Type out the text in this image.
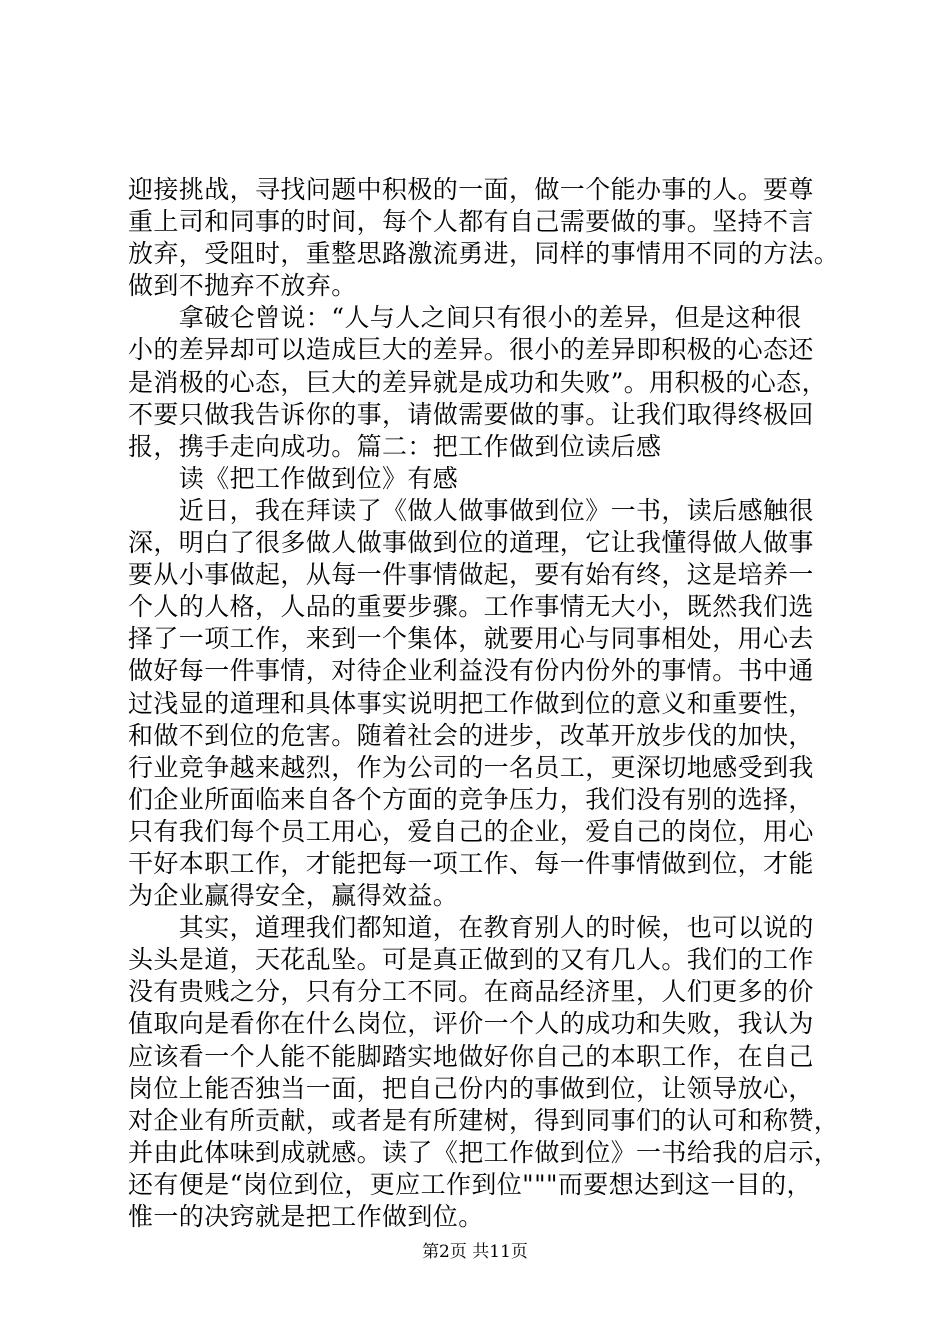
迎接挑战，寻找问题中积极的一面，做一个能办事的人。要尊
重上司和同事的时间，每个人都有自己需要做的事。坚持不言
放弃，受阻时，重整思路激流勇进，同样的事情用不同的方法。
做到不抛弃不放弃。
　　拿破仑曾说：“人与人之间只有很小的差异，但是这种很
小的差异却可以造成巨大的差异。很小的差异即积极的心态还
是消极的心态，巨大的差异就是成功和失败”。用积极的心态，
不要只做我告诉你的事，请做需要做的事。让我们取得终极回
报，携手走向成功。篇二：把工作做到位读后感
　　读《把工作做到位》有感
　　近日，我在拜读了《做人做事做到位》一书，读后感触很
深，明白了很多做人做事做到位的道理，它让我懂得做人做事
要从小事做起，从每一件事情做起，要有始有终，这是培养一
个人的人格，人品的重要步骤。工作事情无大小，既然我们选
择了一项工作，来到一个集体，就要用心与同事相处，用心去
做好每一件事情，对待企业利益没有份内份外的事情。书中通
过浅显的道理和具体事实说明把工作做到位的意义和重要性，
和做不到位的危害。随着社会的进步，改革开放步伐的加快，
行业竞争越来越烈，作为公司的一名员工，更深切地感受到我
们企业所面临来自各个方面的竞争压力，我们没有别的选择，
只有我们每个员工用心，爱自己的企业，爱自己的岗位，用心
干好本职工作，才能把每一项工作、每一件事情做到位，才能
为企业赢得安全，赢得效益。
　　其实，道理我们都知道，在教育别人的时候，也可以说的
头头是道，天花乱坠。可是真正做到的又有几人。我们的工作
没有贵贱之分，只有分工不同。在商品经济里，人们更多的价
值取向是看你在什么岗位，评价一个人的成功和失败，我认为
应该看一个人能不能脚踏实地做好你自己的本职工作，在自己
岗位上能否独当一面，把自己份内的事做到位，让领导放心，
对企业有所贡献，或者是有所建树，得到同事们的认可和称赞，
并由此体味到成就感。读了《把工作做到位》一书给我的启示，
还有便是“岗位到位，更应工作到位"""而要想达到这一目的，
惟一的决窍就是把工作做到位。
第2页 共11页
